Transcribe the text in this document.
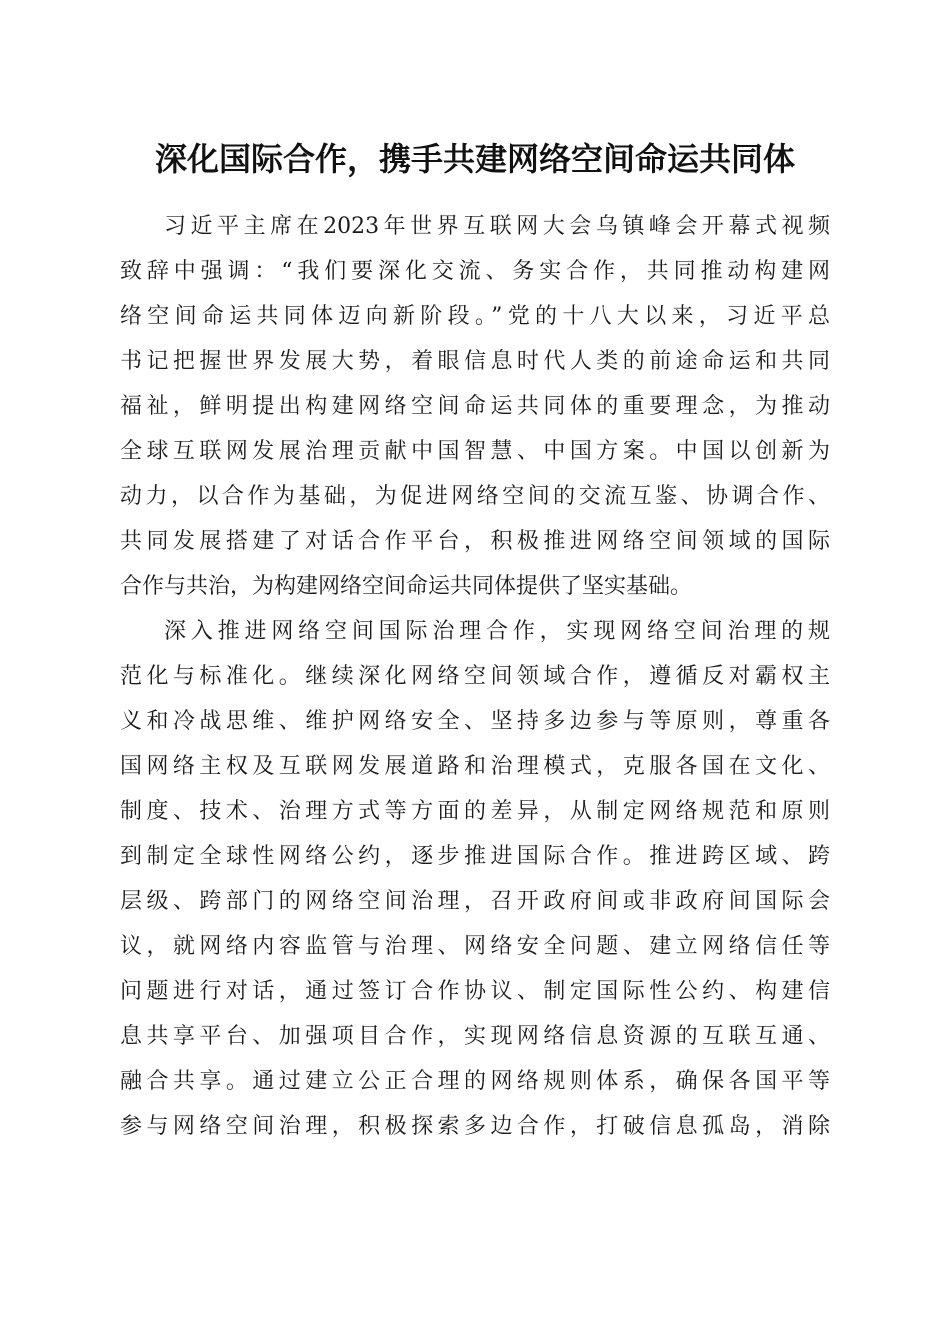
深化国际合作，携手共建网络空间命运共同体
习近平主席在2023年世界互联网大会乌镇峰会开幕式视频
致辞中强调：“我们要深化交流、务实合作，共同推动构建网
络空间命运共同体迈向新阶段。”党的十八大以来，习近平总
书记把握世界发展大势，着眼信息时代人类的前途命运和共同
福祉，鲜明提出构建网络空间命运共同体的重要理念，为推动
全球互联网发展治理贡献中国智慧、中国方案。中国以创新为
动力，以合作为基础，为促进网络空间的交流互鉴、协调合作、
共同发展搭建了对话合作平台，积极推进网络空间领域的国际
合作与共治，为构建网络空间命运共同体提供了坚实基础。
深入推进网络空间国际治理合作，实现网络空间治理的规
范化与标准化。继续深化网络空间领域合作，遵循反对霸权主
义和冷战思维、维护网络安全、坚持多边参与等原则，尊重各
国网络主权及互联网发展道路和治理模式，克服各国在文化、
制度、技术、治理方式等方面的差异，从制定网络规范和原则
到制定全球性网络公约，逐步推进国际合作。推进跨区域、跨
层级、跨部门的网络空间治理，召开政府间或非政府间国际会
议，就网络内容监管与治理、网络安全问题、建立网络信任等
问题进行对话，通过签订合作协议、制定国际性公约、构建信
息共享平台、加强项目合作，实现网络信息资源的互联互通、
融合共享。通过建立公正合理的网络规则体系，确保各国平等
参与网络空间治理，积极探索多边合作，打破信息孤岛，消除
